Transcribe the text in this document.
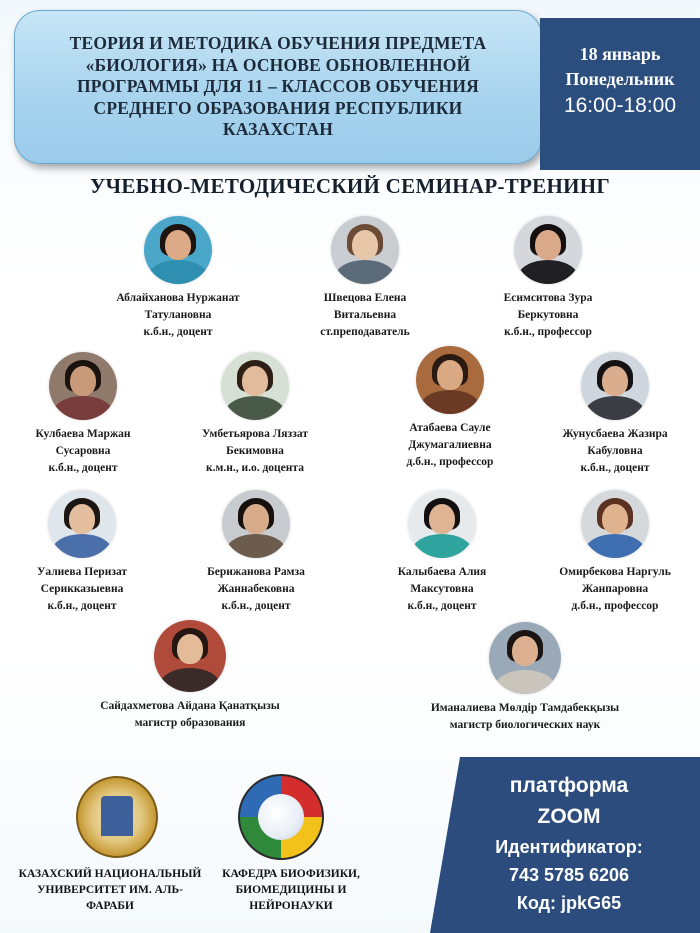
ТЕОРИЯ И МЕТОДИКА ОБУЧЕНИЯ ПРЕДМЕТА
«БИОЛОГИЯ» НА ОСНОВЕ ОБНОВЛЕННОЙ
ПРОГРАММЫ ДЛЯ 11 – КЛАССОВ ОБУЧЕНИЯ
СРЕДНЕГО ОБРАЗОВАНИЯ РЕСПУБЛИКИ
КАЗАХСТАН
18 январь
Понедельник
16:00-18:00
УЧЕБНО-МЕТОДИЧЕСКИЙ СЕМИНАР-ТРЕНИНГ
Аблайханова Нуржанат
Татулановна
к.б.н., доцент
Швецова Елена
Витальевна
ст.преподаватель
Есимситова Зура
Беркутовна
к.б.н., профессор
Кулбаева Маржан
Сусаровна
к.б.н., доцент
Умбетьярова Ляззат
Бекимовна
к.м.н., и.о. доцента
Атабаева Сауле
Джумагалиевна
д.б.н., профессор
Жунусбаева Жазира
Кабуловна
к.б.н., доцент
Уалиева Перизат
Серикказыевна
к.б.н., доцент
Берижанова Рамза
Жаннабековна
к.б.н., доцент
Калыбаева Алия
Максутовна
к.б.н., доцент
Омирбекова Наргуль
Жанпаровна
д.б.н., профессор
Сайдахметова Айдана Қанатқызы
магистр образования
Иманалиева Мөлдір Тамдабекқызы
магистр биологических наук
КАЗАХСКИЙ НАЦИОНАЛЬНЫЙ
УНИВЕРСИТЕТ ИМ. АЛЬ-
ФАРАБИ
КАФЕДРА БИОФИЗИКИ,
БИОМЕДИЦИНЫ И
НЕЙРОНАУКИ
платформа
ZOOM
Идентификатор:
743 5785 6206
Код: jpkG65
